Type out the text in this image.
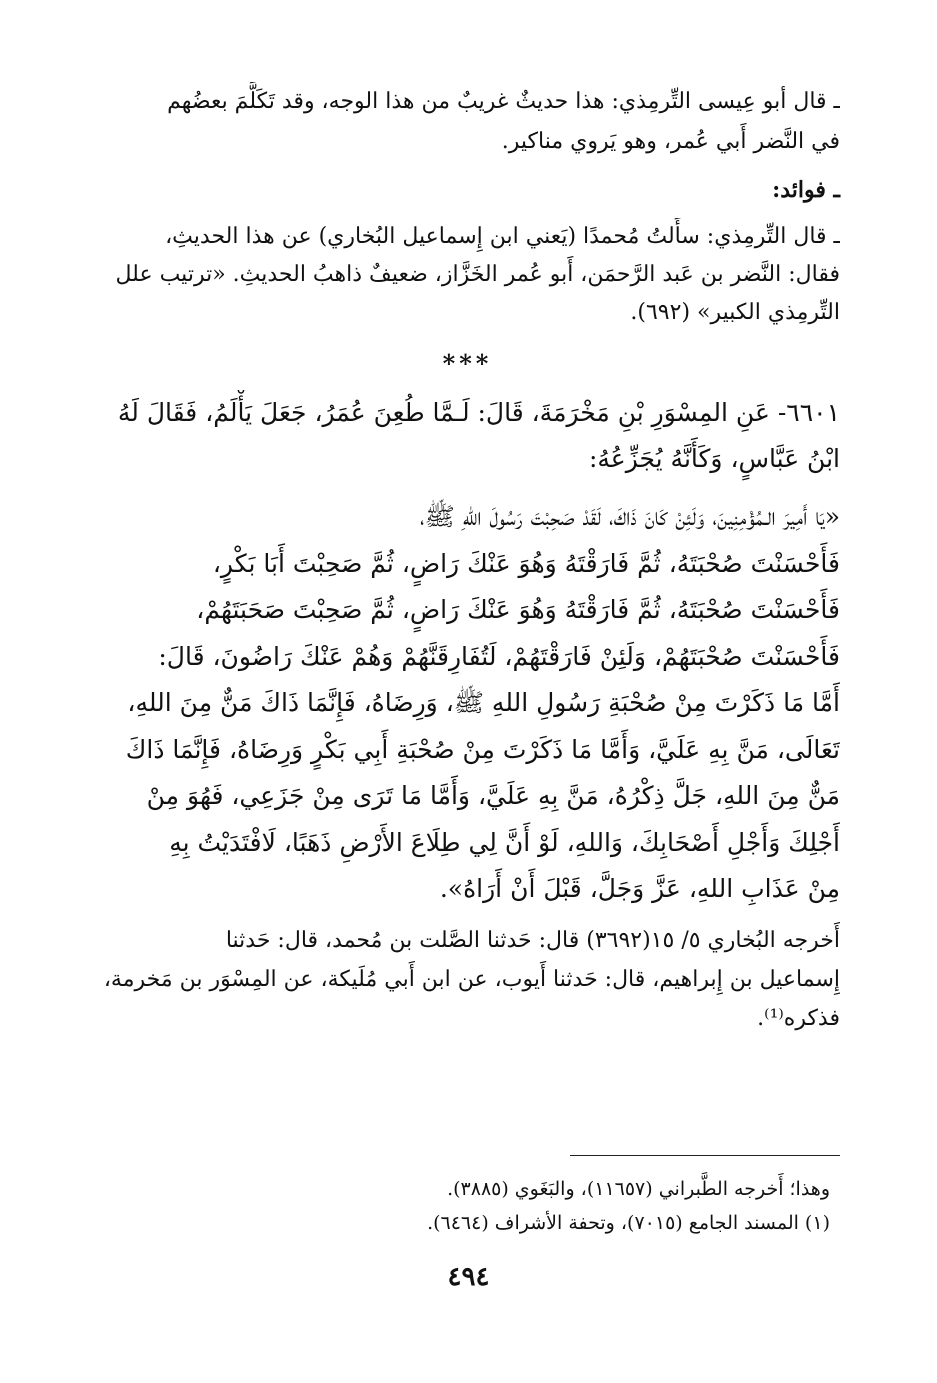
ـ قال أبو عِيسى التِّرمِذي: هذا حديثٌ غريبٌ من هذا الوجه، وقد تَكَلَّمَ بعضُهم
في النَّضر أَبي عُمر، وهو يَروي مناكير.
ـ فوائد:
ـ قال التِّرمِذي: سأَلتُ مُحمدًا (يَعني ابن إِسماعيل البُخاري) عن هذا الحديثِ،
فقال: النَّضر بن عَبد الرَّحمَن، أَبو عُمر الخَزَّاز، ضعيفٌ ذاهبُ الحديثِ. «ترتيب علل
التِّرمِذي الكبير» (٦٩٢).
***
٦٦٠١- عَنِ المِسْوَرِ بْنِ مَخْرَمَةَ، قَالَ: لَـمَّا طُعِنَ عُمَرُ، جَعَلَ يَأْلَمُ، فَقَالَ لَهُ
ابْنُ عَبَّاسٍ، وَكَأَنَّهُ يُجَزِّعُهُ:
«يَا أَمِيرَ الـمُؤْمِنِينَ، وَلَئِنْ كَانَ ذَاكَ، لَقَدْ صَحِبْتَ رَسُولَ اللهِ ﷺ،
فَأَحْسَنْتَ صُحْبَتَهُ، ثُمَّ فَارَقْتَهُ وَهُوَ عَنْكَ رَاضٍ، ثُمَّ صَحِبْتَ أَبَا بَكْرٍ،
فَأَحْسَنْتَ صُحْبَتَهُ، ثُمَّ فَارَقْتَهُ وَهُوَ عَنْكَ رَاضٍ، ثُمَّ صَحِبْتَ صَحَبَتَهُمْ،
فَأَحْسَنْتَ صُحْبَتَهُمْ، وَلَئِنْ فَارَقْتَهُمْ، لَتُفَارِقَنَّهُمْ وَهُمْ عَنْكَ رَاضُونَ، قَالَ:
أَمَّا مَا ذَكَرْتَ مِنْ صُحْبَةِ رَسُولِ اللهِ ﷺ، وَرِضَاهُ، فَإِنَّمَا ذَاكَ مَنٌّ مِنَ اللهِ،
تَعَالَى، مَنَّ بِهِ عَلَيَّ، وَأَمَّا مَا ذَكَرْتَ مِنْ صُحْبَةِ أَبِي بَكْرٍ وَرِضَاهُ، فَإِنَّمَا ذَاكَ
مَنٌّ مِنَ اللهِ، جَلَّ ذِكْرُهُ، مَنَّ بِهِ عَلَيَّ، وَأَمَّا مَا تَرَى مِنْ جَزَعِي، فَهُوَ مِنْ
أَجْلِكَ وَأَجْلِ أَصْحَابِكَ، وَاللهِ، لَوْ أَنَّ لِي طِلَاعَ الأَرْضِ ذَهَبًا، لَافْتَدَيْتُ بِهِ
مِنْ عَذَابِ اللهِ، عَزَّ وَجَلَّ، قَبْلَ أَنْ أَرَاهُ».
أَخرجه البُخاري ٥/ ١٥(٣٦٩٢) قال: حَدثنا الصَّلت بن مُحمد، قال: حَدثنا
إِسماعيل بن إِبراهيم، قال: حَدثنا أَيوب، عن ابن أَبي مُلَيكة، عن المِسْوَر بن مَخرمة،
فذكره⁽¹⁾.
وهذا؛ أَخرجه الطَّبراني (١١٦٥٧)، والبَغَوي (٣٨٨٥).
(١) المسند الجامع (٧٠١٥)، وتحفة الأشراف (٦٤٦٤).
٤٩٤
